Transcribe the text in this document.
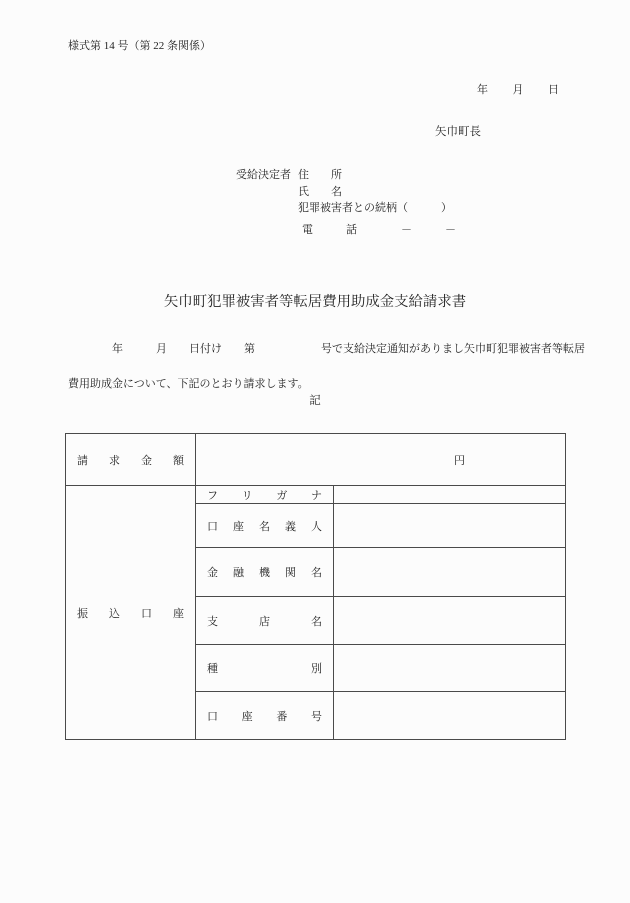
様式第 14 号（第 22 条関係）
年 月 日
矢巾町長
受給決定者 住 所
氏 名
犯罪被害者との続柄（　　　）
電　　　話　　　　－　　　－
矢巾町犯罪被害者等転居費用助成金支給請求書
　　　　年　　　月　　日付け　　第　　　　　　号で支給決定通知がありまし矢巾町犯罪被害者等転居

費用助成金について、下記のとおり請求します。
記
請 求 金 額	円	

振 込 口 座	フ リ ガ ナ	

	口 座 名 義 人	

	金 融 機 関 名	

	支 店 名	

	種 別	

	口 座 番 号	
